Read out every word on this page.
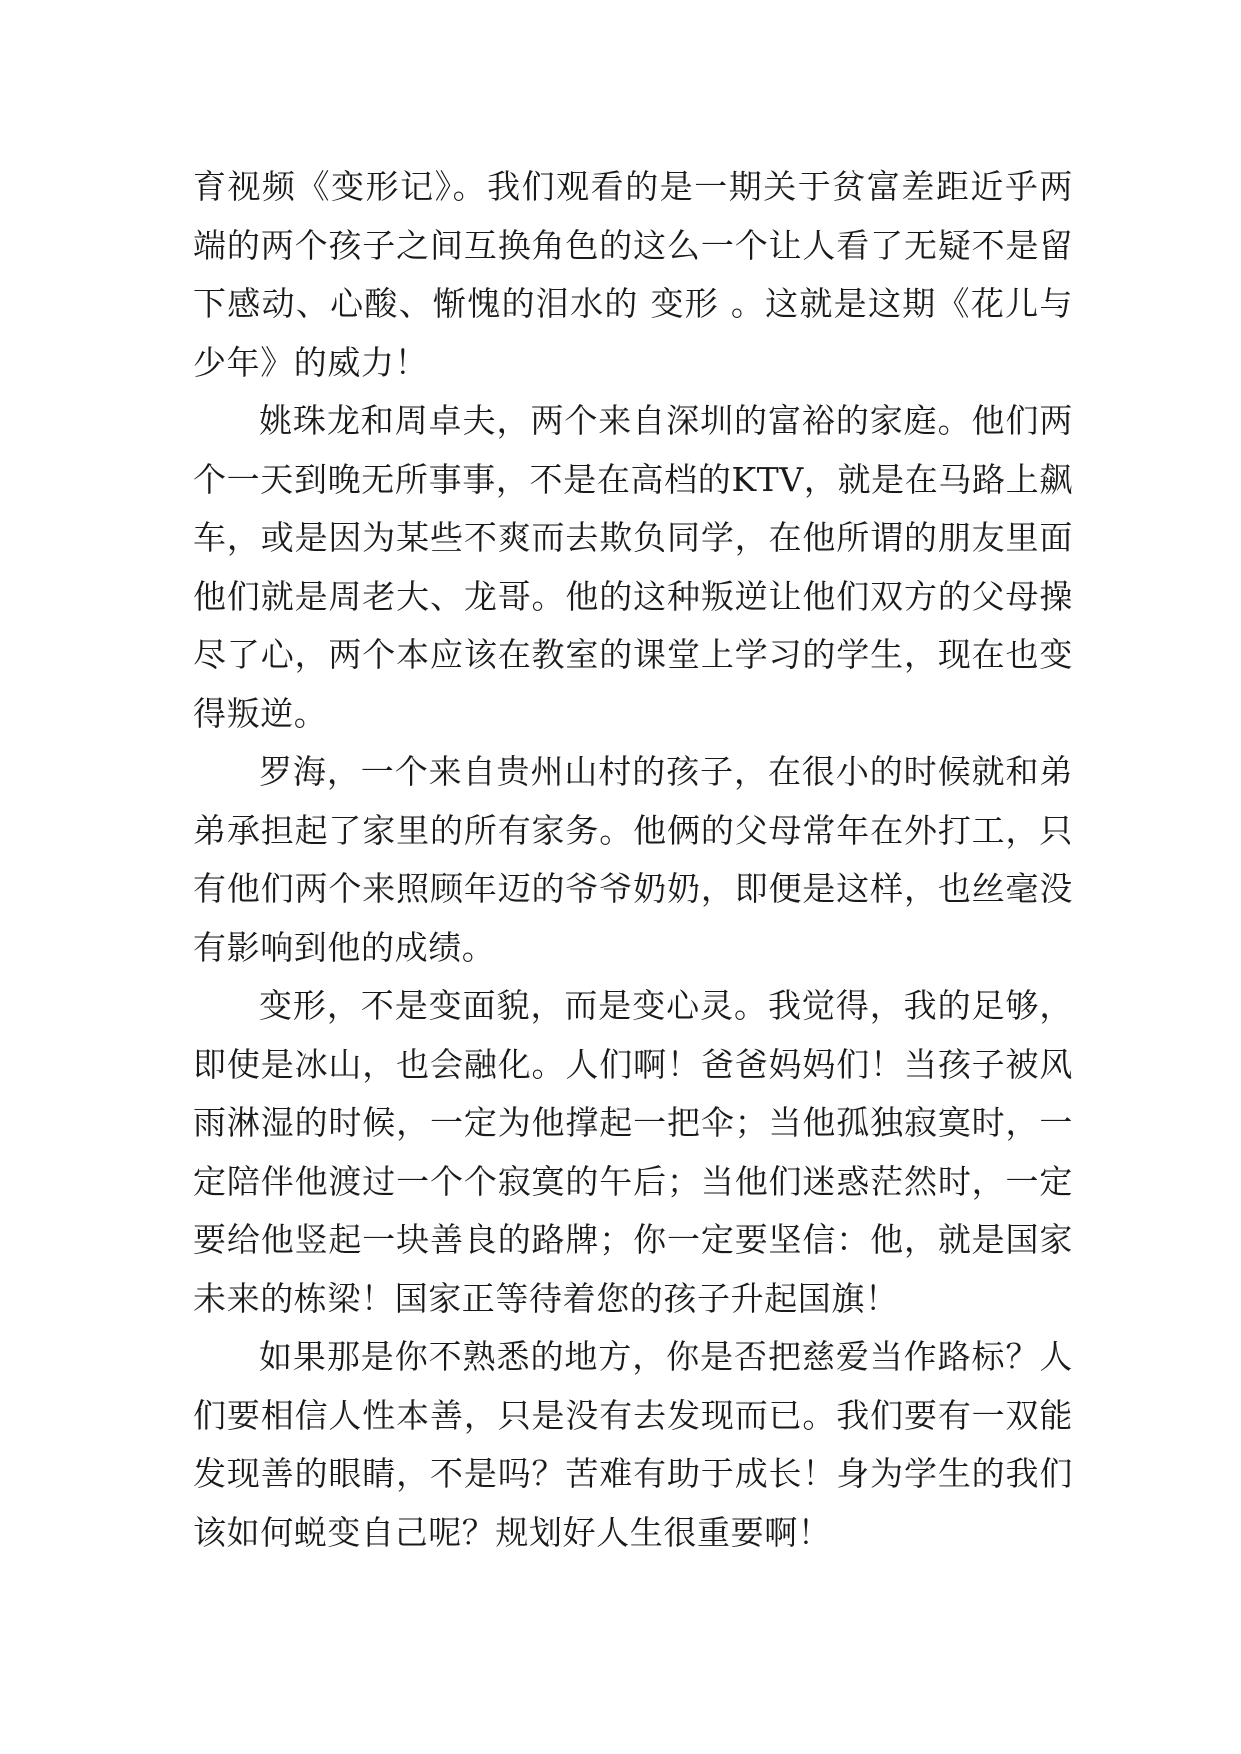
育视频《变形记》。我们观看的是一期关于贫富差距近乎两端的两个孩子之间互换角色的这么一个让人看了无疑不是留下感动、心酸、惭愧的泪水的 变形 。这就是这期《花儿与少年》的威力！

姚珠龙和周卓夫，两个来自深圳的富裕的家庭。他们两个一天到晚无所事事，不是在高档的KTV，就是在马路上飙车，或是因为某些不爽而去欺负同学，在他所谓的朋友里面他们就是周老大、龙哥。他的这种叛逆让他们双方的父母操尽了心，两个本应该在教室的课堂上学习的学生，现在也变得叛逆。

罗海，一个来自贵州山村的孩子，在很小的时候就和弟弟承担起了家里的所有家务。他俩的父母常年在外打工，只有他们两个来照顾年迈的爷爷奶奶，即便是这样，也丝毫没有影响到他的成绩。

变形，不是变面貌，而是变心灵。我觉得，我的足够，即使是冰山，也会融化。人们啊！爸爸妈妈们！当孩子被风雨淋湿的时候，一定为他撑起一把伞；当他孤独寂寞时，一定陪伴他渡过一个个寂寞的午后；当他们迷惑茫然时，一定要给他竖起一块善良的路牌；你一定要坚信：他，就是国家未来的栋梁！国家正等待着您的孩子升起国旗！

如果那是你不熟悉的地方，你是否把慈爱当作路标？人们要相信人性本善，只是没有去发现而已。我们要有一双能发现善的眼睛，不是吗？苦难有助于成长！身为学生的我们该如何蜕变自己呢？规划好人生很重要啊！
